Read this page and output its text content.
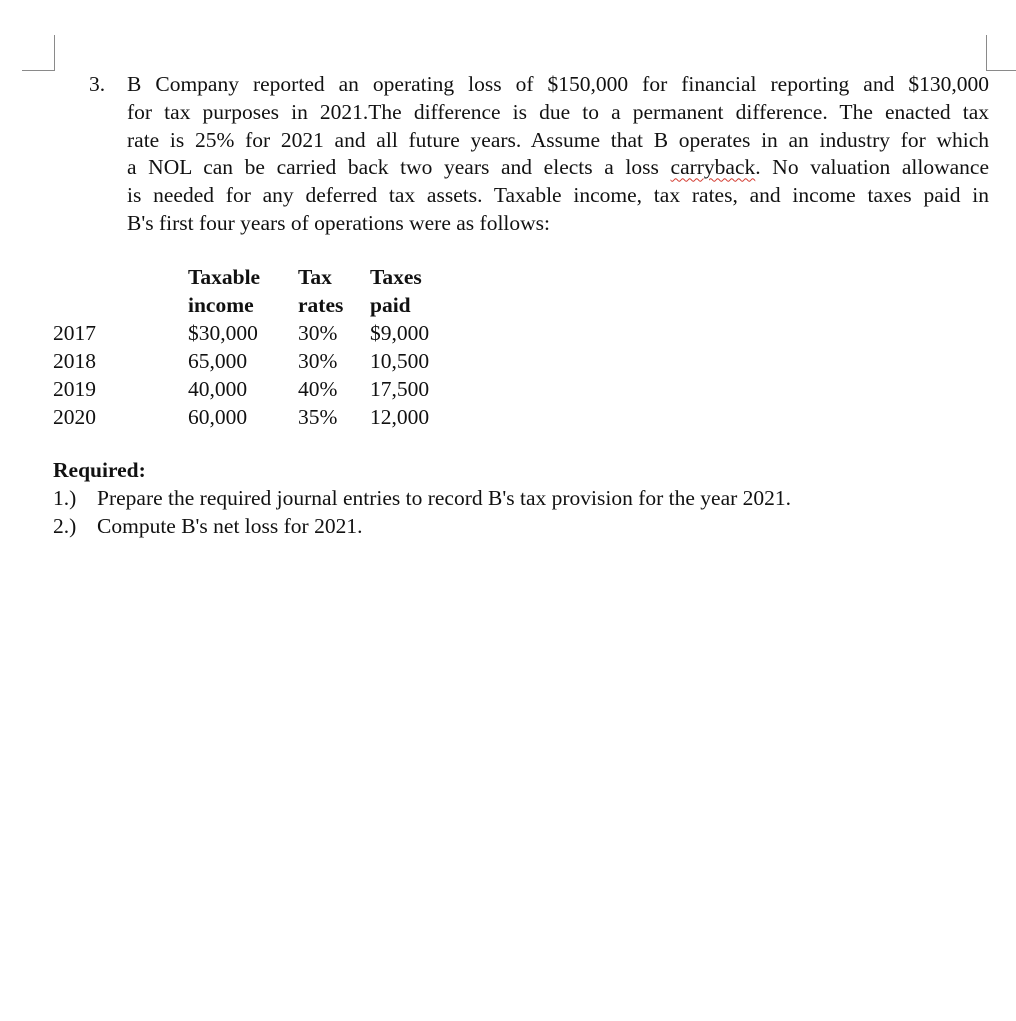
3. B Company reported an operating loss of $150,000 for financial reporting and $130,000
for tax purposes in 2021.The difference is due to a permanent difference. The enacted tax
rate is 25% for 2021 and all future years. Assume that B operates in an industry for which
a NOL can be carried back two years and elects a loss carryback. No valuation allowance
is needed for any deferred tax assets. Taxable income, tax rates, and income taxes paid in
B's first four years of operations were as follows:
	Taxable	Tax	Taxes
	income	rates	paid
2017	$30,000	30%	$9,000
2018	65,000	30%	10,500
2019	40,000	40%	17,500
2020	60,000	35%	12,000
Required:
1.) Prepare the required journal entries to record B's tax provision for the year 2021.
2.) Compute B's net loss for 2021.
